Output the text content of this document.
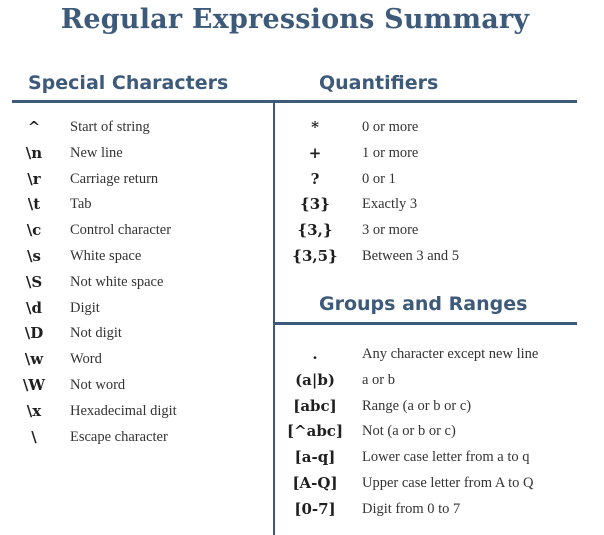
Regular Expressions Summary
Special Characters	Quantifiers
^	Start of string
\n	New line
\r	Carriage return
\t	Tab
\c	Control character
\s	White space
\S	Not white space
\d	Digit
\D	Not digit
\w	Word
\W	Not word
\x	Hexadecimal digit
\	Escape character
*	0 or more
+	1 or more
?	0 or 1
{3}	Exactly 3
{3,}	3 or more
{3,5}	Between 3 and 5
Groups and Ranges
.	Any character except new line
(a|b)	a or b
[abc]	Range (a or b or c)
[^abc]	Not (a or b or c)
[a-q]	Lower case letter from a to q
[A-Q]	Upper case letter from A to Q
[0-7]	Digit from 0 to 7
